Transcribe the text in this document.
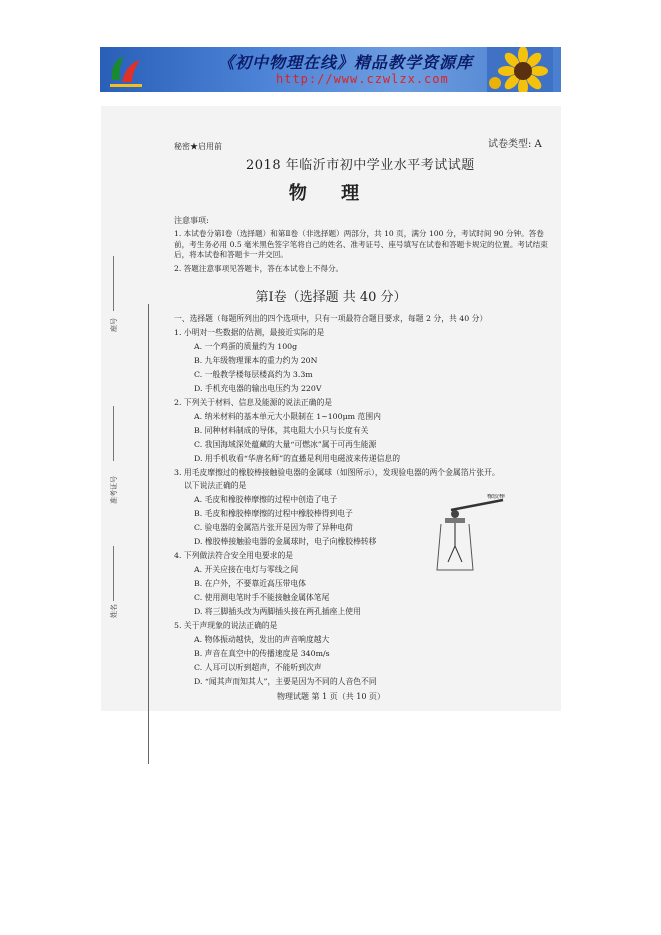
《初中物理在线》精品教学资源库
http://www.czwlzx.com
座号
准考证号
姓名
秘密★启用前	试卷类型: A
2018 年临沂市初中学业水平考试试题
物 理
注意事项:
1. 本试卷分第Ⅰ卷（选择题）和第Ⅱ卷（非选择题）两部分，共 10 页，满分 100 分，考试时间 90 分钟。答卷前，考生务必用 0.5 毫米黑色签字笔将自己的姓名、准考证号、座号填写在试卷和答题卡规定的位置。考试结束后，将本试卷和答题卡一并交回。
2. 答题注意事项见答题卡，答在本试卷上不得分。
第Ⅰ卷（选择题 共 40 分）
一、选择题（每题所列出的四个选项中，只有一项最符合题目要求，每题 2 分，共 40 分）
1. 小明对一些数据的估测，最接近实际的是
A. 一个鸡蛋的质量约为 100g
B. 九年级物理课本的重力约为 20N
C. 一般教学楼每层楼高约为 3.3m
D. 手机充电器的输出电压约为 220V
2. 下列关于材料、信息及能源的说法正确的是
A. 纳米材料的基本单元大小限制在 1~100μm 范围内
B. 同种材料制成的导体，其电阻大小只与长度有关
C. 我国海域深处蕴藏的大量“可燃冰”属于可再生能源
D. 用手机收看“华唐名师”的直播是利用电磁波来传递信息的
3. 用毛皮摩擦过的橡胶棒接触验电器的金属球（如图所示），发现验电器的两个金属箔片张开。
以下说法正确的是
A. 毛皮和橡胶棒摩擦的过程中创造了电子
B. 毛皮和橡胶棒摩擦的过程中橡胶棒得到电子
C. 验电器的金属箔片张开是因为带了异种电荷
D. 橡胶棒接触验电器的金属球时，电子向橡胶棒转移
橡胶棒
4. 下列做法符合安全用电要求的是
A. 开关应接在电灯与零线之间
B. 在户外，不要靠近高压带电体
C. 使用测电笔时手不能接触金属体笔尾
D. 将三脚插头改为两脚插头接在两孔插座上使用
5. 关于声现象的说法正确的是
A. 物体振动越快，发出的声音响度越大
B. 声音在真空中的传播速度是 340m/s
C. 人耳可以听到超声，不能听到次声
D. “闻其声而知其人”，主要是因为不同的人音色不同
物理试题 第 1 页（共 10 页）
